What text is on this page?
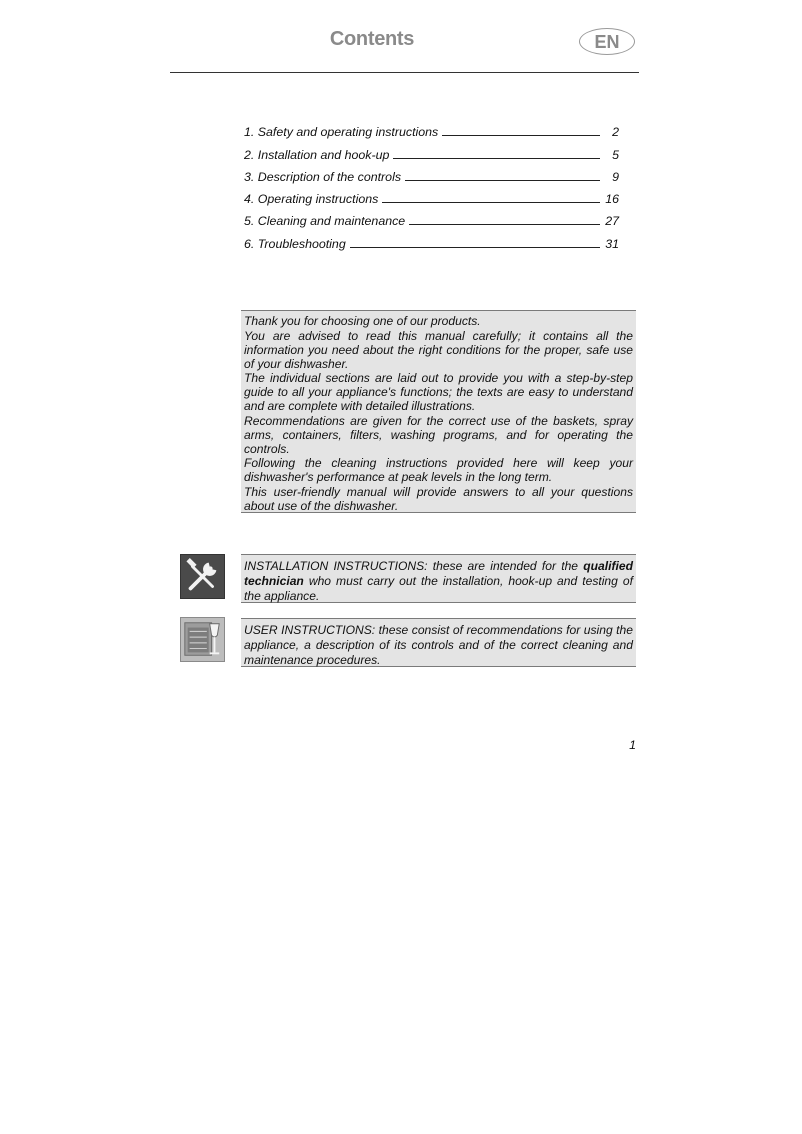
Contents	EN
1. Safety and operating instructions	2
2. Installation and hook-up	5
3. Description of the controls	9
4. Operating instructions	16
5. Cleaning and maintenance	27
6. Troubleshooting	31

Thank you for choosing one of our products.

You are advised to read this manual carefully; it contains all the information you need about the right conditions for the proper, safe use of your dishwasher.

The individual sections are laid out to provide you with a step-by-step guide to all your appliance's functions; the texts are easy to understand and are complete with detailed illustrations.

Recommendations are given for the correct use of the baskets, spray arms, containers, filters, washing programs, and for operating the controls.

Following the cleaning instructions provided here will keep your dishwasher's performance at peak levels in the long term.

This user-friendly manual will provide answers to all your questions about use of the dishwasher.

INSTALLATION INSTRUCTIONS: these are intended for the qualified technician who must carry out the installation, hook-up and testing of the appliance.

USER INSTRUCTIONS: these consist of recommendations for using the appliance, a description of its controls and of the correct cleaning and maintenance procedures.

1
